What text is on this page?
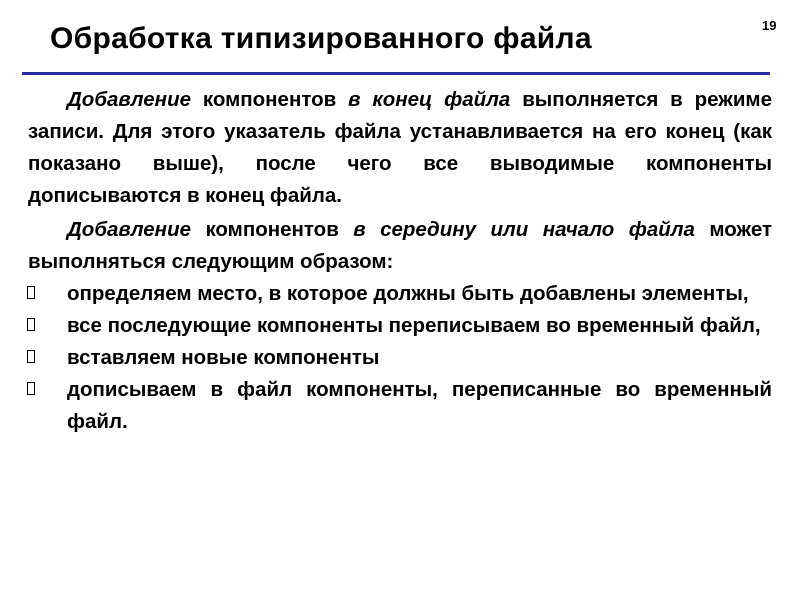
Обработка типизированного файла	19

Добавление компонентов в конец файла выполняется в режиме записи. Для этого указатель файла устанавливается на его конец (как показано выше), после чего все выводимые компоненты дописываются в конец файла.

Добавление компонентов в середину или начало файла может выполняться следующим образом:

определяем место, в которое должны быть добавлены элементы,
все последующие компоненты переписываем во временный файл,
вставляем новые компоненты
дописываем в файл компоненты, переписанные во временный файл.
